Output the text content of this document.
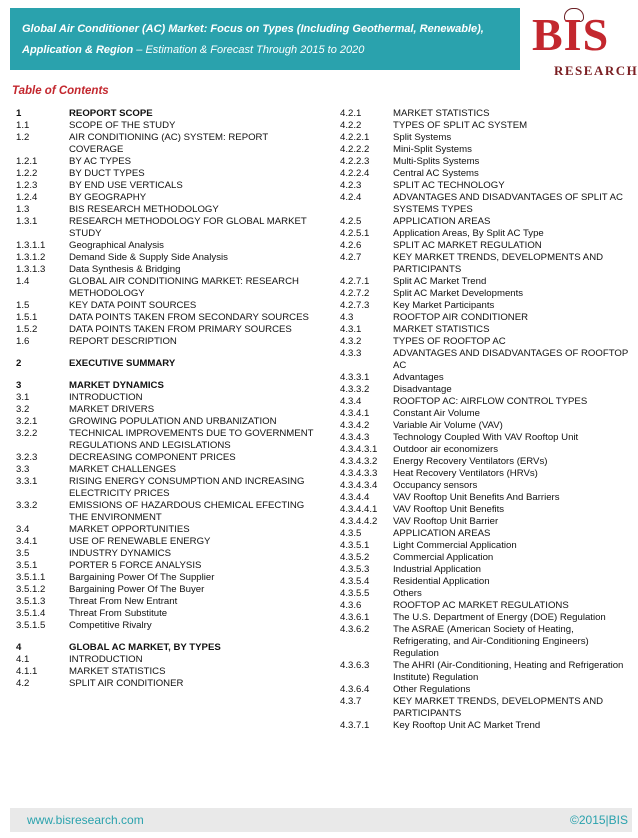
Global Air Conditioner (AC) Market: Focus on Types (Including Geothermal, Renewable),
Application & Region – Estimation & Forecast Through 2015 to 2020	BIS
RESEARCH
Table of Contents
1	REOPORT SCOPE
1.1	SCOPE OF THE STUDY
1.2	AIR CONDITIONING (AC) SYSTEM: REPORT COVERAGE
1.2.1	BY AC TYPES
1.2.2	BY DUCT TYPES
1.2.3	BY END USE VERTICALS
1.2.4	BY GEOGRAPHY
1.3	BIS RESEARCH METHODOLOGY
1.3.1	RESEARCH METHODOLOGY FOR GLOBAL MARKET STUDY
1.3.1.1	Geographical Analysis
1.3.1.2	Demand Side & Supply Side Analysis
1.3.1.3	Data Synthesis & Bridging
1.4	GLOBAL AIR CONDITIONING MARKET: RESEARCH METHODOLOGY
1.5	KEY DATA POINT SOURCES
1.5.1	DATA POINTS TAKEN FROM SECONDARY SOURCES
1.5.2	DATA POINTS TAKEN FROM PRIMARY SOURCES
1.6	REPORT DESCRIPTION
2	EXECUTIVE SUMMARY
3	MARKET DYNAMICS
3.1	INTRODUCTION
3.2	MARKET DRIVERS
3.2.1	GROWING POPULATION AND URBANIZATION
3.2.2	TECHNICAL IMPROVEMENTS DUE TO GOVERNMENT REGULATIONS AND LEGISLATIONS
3.2.3	DECREASING COMPONENT PRICES
3.3	MARKET CHALLENGES
3.3.1	RISING ENERGY CONSUMPTION AND INCREASING ELECTRICITY PRICES
3.3.2	EMISSIONS OF HAZARDOUS CHEMICAL EFECTING THE ENVIRONMENT
3.4	MARKET OPPORTUNITIES
3.4.1	USE OF RENEWABLE ENERGY
3.5	INDUSTRY DYNAMICS
3.5.1	PORTER 5 FORCE ANALYSIS
3.5.1.1	Bargaining Power Of The Supplier
3.5.1.2	Bargaining Power Of The Buyer
3.5.1.3	Threat From New Entrant
3.5.1.4	Threat From Substitute
3.5.1.5	Competitive Rivalry
4	GLOBAL AC MARKET, BY TYPES
4.1	INTRODUCTION
4.1.1	MARKET STATISTICS
4.2	SPLIT AIR CONDITIONER
4.2.1	MARKET STATISTICS
4.2.2	TYPES OF SPLIT AC SYSTEM
4.2.2.1	Split Systems
4.2.2.2	Mini-Split Systems
4.2.2.3	Multi-Splits Systems
4.2.2.4	Central AC Systems
4.2.3	SPLIT AC TECHNOLOGY
4.2.4	ADVANTAGES AND DISADVANTAGES OF SPLIT AC SYSTEMS TYPES
4.2.5	APPLICATION AREAS
4.2.5.1	Application Areas, By Split AC Type
4.2.6	SPLIT AC MARKET REGULATION
4.2.7	KEY MARKET TRENDS, DEVELOPMENTS AND PARTICIPANTS
4.2.7.1	Split AC Market Trend
4.2.7.2	Split AC Market Developments
4.2.7.3	Key Market Participants
4.3	ROOFTOP AIR CONDITIONER
4.3.1	MARKET STATISTICS
4.3.2	TYPES OF ROOFTOP AC
4.3.3	ADVANTAGES AND DISADVANTAGES OF ROOFTOP AC
4.3.3.1	Advantages
4.3.3.2	Disadvantage
4.3.4	ROOFTOP AC: AIRFLOW CONTROL TYPES
4.3.4.1	Constant Air Volume
4.3.4.2	Variable Air Volume (VAV)
4.3.4.3	Technology Coupled With VAV Rooftop Unit
4.3.4.3.1	Outdoor air economizers
4.3.4.3.2	Energy Recovery Ventilators (ERVs)
4.3.4.3.3	Heat Recovery Ventilators (HRVs)
4.3.4.3.4	Occupancy sensors
4.3.4.4	VAV Rooftop Unit Benefits And Barriers
4.3.4.4.1	VAV Rooftop Unit Benefits
4.3.4.4.2	VAV Rooftop Unit Barrier
4.3.5	APPLICATION AREAS
4.3.5.1	Light Commercial Application
4.3.5.2	Commercial Application
4.3.5.3	Industrial Application
4.3.5.4	Residential Application
4.3.5.5	Others
4.3.6	ROOFTOP AC MARKET REGULATIONS
4.3.6.1	The U.S. Department of Energy (DOE) Regulation
4.3.6.2	The ASRAE (American Society of Heating, Refrigerating, and Air-Conditioning Engineers) Regulation
4.3.6.3	The AHRI (Air-Conditioning, Heating and Refrigeration Institute) Regulation
4.3.6.4	Other Regulations
4.3.7	KEY MARKET TRENDS, DEVELOPMENTS AND PARTICIPANTS
4.3.7.1	Key Rooftop Unit AC Market Trend
www.bisresearch.com	©2015|BIS
